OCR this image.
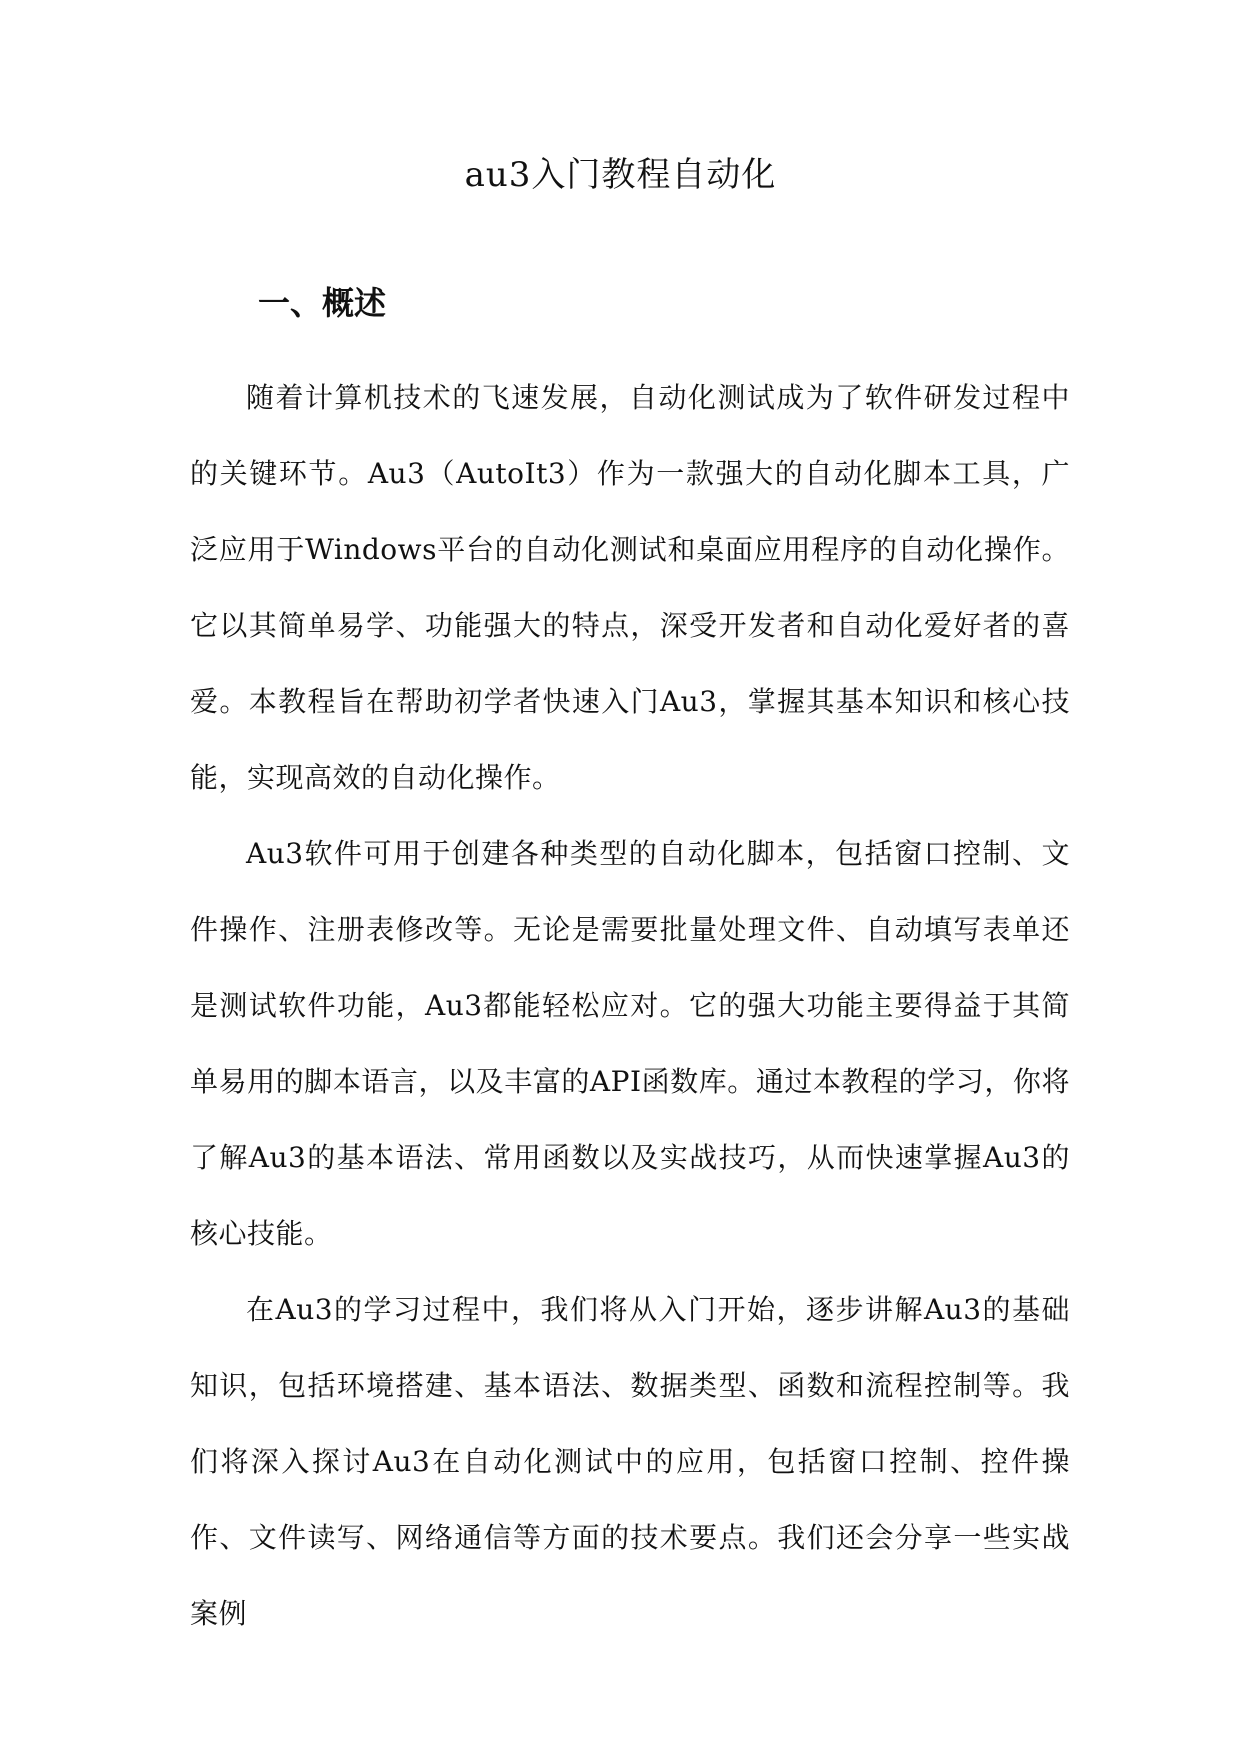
au3入门教程自动化
一、概述

随着计算机技术的飞速发展，自动化测试成为了软件研发过程中的关键环节。Au3（AutoIt3）作为一款强大的自动化脚本工具，广泛应用于Windows平台的自动化测试和桌面应用程序的自动化操作。它以其简单易学、功能强大的特点，深受开发者和自动化爱好者的喜爱。本教程旨在帮助初学者快速入门Au3，掌握其基本知识和核心技能，实现高效的自动化操作。

Au3软件可用于创建各种类型的自动化脚本，包括窗口控制、文件操作、注册表修改等。无论是需要批量处理文件、自动填写表单还是测试软件功能，Au3都能轻松应对。它的强大功能主要得益于其简单易用的脚本语言，以及丰富的API函数库。通过本教程的学习，你将了解Au3的基本语法、常用函数以及实战技巧，从而快速掌握Au3的核心技能。

在Au3的学习过程中，我们将从入门开始，逐步讲解Au3的基础知识，包括环境搭建、基本语法、数据类型、函数和流程控制等。我们将深入探讨Au3在自动化测试中的应用，包括窗口控制、控件操作、文件读写、网络通信等方面的技术要点。我们还会分享一些实战案例
